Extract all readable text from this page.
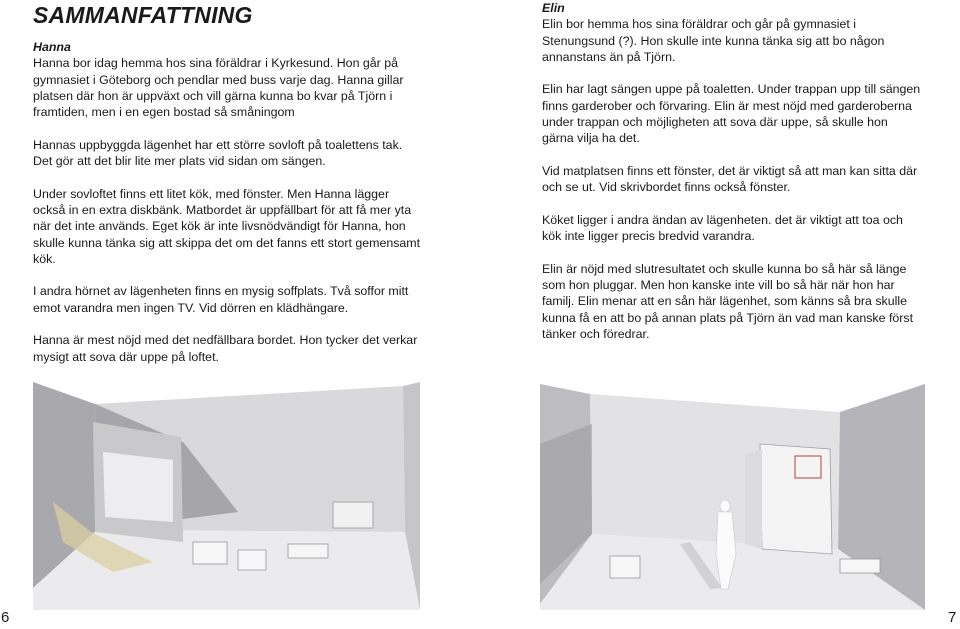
SAMMANFATTNING
Hanna

Hanna bor idag hemma hos sina föräldrar i Kyrkesund. Hon går på gymnasiet i Göteborg och pendlar med buss varje dag. Hanna gillar platsen där hon är uppväxt och vill gärna kunna bo kvar på Tjörn i framtiden, men i en egen bostad så småningom

Hannas uppbyggda lägenhet har ett större sovloft på toalettens tak. Det gör att det blir lite mer plats vid sidan om sängen.

Under sovloftet finns ett litet kök, med fönster. Men Hanna lägger också in en extra diskbänk. Matbordet är uppfällbart för att få mer yta när det inte används. Eget kök är inte livsnödvändigt för Hanna, hon skulle kunna tänka sig att skippa det om det fanns ett stort gemensamt kök.

I andra hörnet av lägenheten finns en mysig soffplats. Två soffor mitt emot varandra men ingen TV. Vid dörren en klädhängare.

Hanna är mest nöjd med det nedfällbara bordet. Hon tycker det verkar mysigt att sova där uppe på loftet.

6
Elin

Elin bor hemma hos sina föräldrar och går på gymnasiet i Stenungsund (?). Hon skulle inte kunna tänka sig att bo någon annanstans än på Tjörn.

Elin har lagt sängen uppe på toaletten. Under trappan upp till sängen finns garderober och förvaring. Elin är mest nöjd med garderoberna under trappan och möjligheten att sova där uppe, så skulle hon gärna vilja ha det.

Vid matplatsen finns ett fönster, det är viktigt så att man kan sitta där och se ut. Vid skrivbordet finns också fönster.

Köket ligger i andra ändan av lägenheten. det är viktigt att toa och kök inte ligger precis bredvid varandra.

Elin är nöjd med slutresultatet och skulle kunna bo så här så länge som hon pluggar. Men hon kanske inte vill bo så här när hon har familj. Elin menar att en sån här lägenhet, som känns så bra skulle kunna få en att bo på annan plats på Tjörn än vad man kanske först tänker och föredrar.

7
